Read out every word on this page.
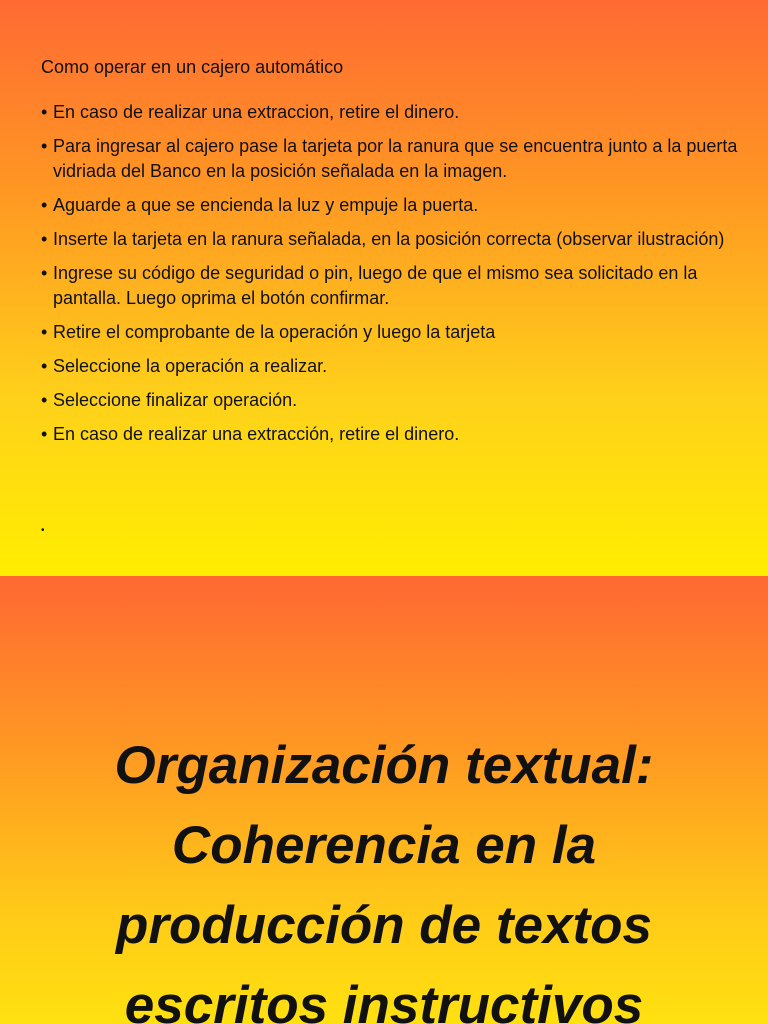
Como operar en un cajero automático
• En caso de realizar una extraccion, retire el dinero.
• Para ingresar al cajero pase la tarjeta por la ranura que se encuentra junto a la puerta vidriada del Banco en la posición señalada en la imagen.
• Aguarde a que se encienda la luz y empuje la puerta.
• Inserte la tarjeta en la ranura señalada, en la posición correcta (observar ilustración)
• Ingrese su código de seguridad o pin, luego de que el mismo sea solicitado en la pantalla. Luego oprima el botón confirmar.
• Retire el comprobante de la operación y luego la tarjeta
• Seleccione la operación a realizar.
• Seleccione finalizar operación.
• En caso de realizar una extracción, retire el dinero.
•
Organización textual:
Coherencia en la
producción de textos
escritos instructivos
